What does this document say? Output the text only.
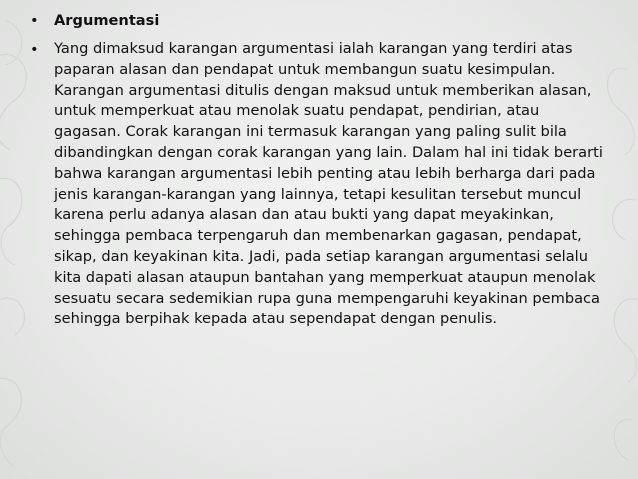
•	Argumentasi
•	Yang dimaksud karangan argumentasi ialah karangan yang terdiri atas
paparan alasan dan pendapat untuk membangun suatu kesimpulan.
Karangan argumentasi ditulis dengan maksud untuk memberikan alasan,
untuk memperkuat atau menolak suatu pendapat, pendirian, atau
gagasan. Corak karangan ini termasuk karangan yang paling sulit bila
dibandingkan dengan corak karangan yang lain. Dalam hal ini tidak berarti
bahwa karangan argumentasi lebih penting atau lebih berharga dari pada
jenis karangan-karangan yang lainnya, tetapi kesulitan tersebut muncul
karena perlu adanya alasan dan atau bukti yang dapat meyakinkan,
sehingga pembaca terpengaruh dan membenarkan gagasan, pendapat,
sikap, dan keyakinan kita. Jadi, pada setiap karangan argumentasi selalu
kita dapati alasan ataupun bantahan yang memperkuat ataupun menolak
sesuatu secara sedemikian rupa guna mempengaruhi keyakinan pembaca
sehingga berpihak kepada atau sependapat dengan penulis.
